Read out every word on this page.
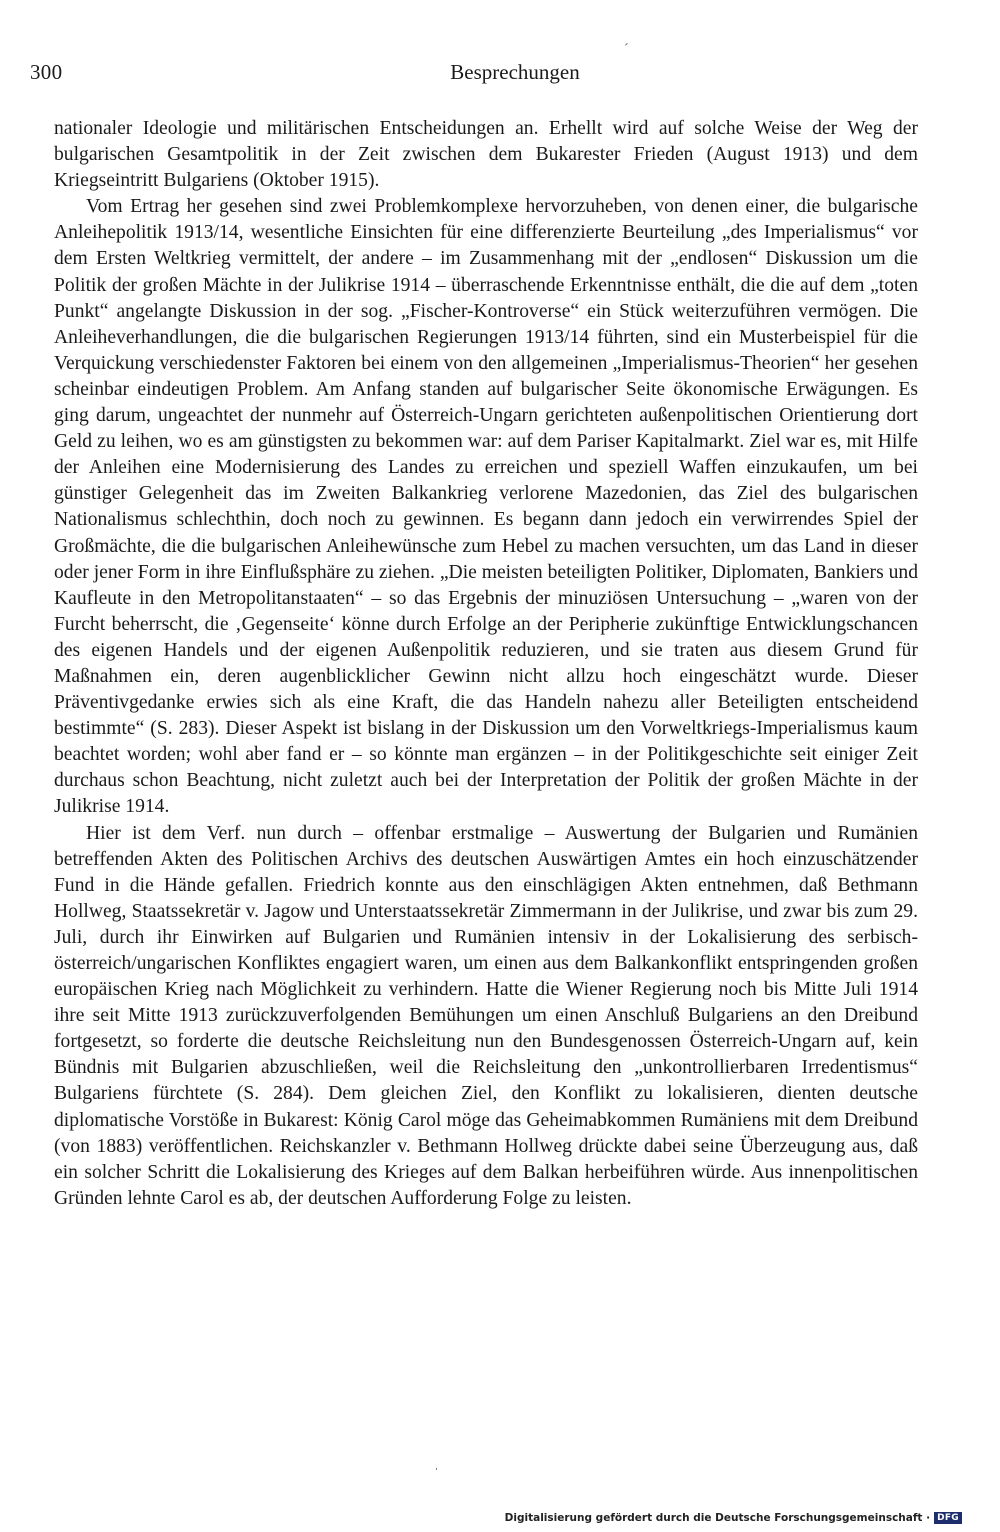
300	Besprechungen
ˊ

nationaler Ideologie und militärischen Entscheidungen an. Erhellt wird auf solche Weise der Weg der bulgarischen Gesamtpolitik in der Zeit zwischen dem Bukarester Frieden (August 1913) und dem Kriegseintritt Bulgariens (Oktober 1915).

Vom Ertrag her gesehen sind zwei Problemkomplexe hervorzuheben, von denen einer, die bulgarische Anleihepolitik 1913/14, wesentliche Einsichten für eine differenzierte Beurteilung „des Imperialismus“ vor dem Ersten Weltkrieg vermittelt, der andere – im Zusammenhang mit der „endlosen“ Diskussion um die Politik der großen Mächte in der Julikrise 1914 – überraschende Erkenntnisse enthält, die die auf dem „toten Punkt“ angelangte Diskussion in der sog. „Fischer-Kontroverse“ ein Stück weiterzuführen vermögen. Die Anleiheverhandlungen, die die bulgarischen Regierungen 1913/14 führten, sind ein Musterbeispiel für die Verquickung verschiedenster Faktoren bei einem von den allgemeinen „Imperialismus-Theorien“ her gesehen scheinbar eindeutigen Problem. Am Anfang standen auf bulgarischer Seite ökonomische Erwägungen. Es ging darum, ungeachtet der nunmehr auf Österreich-Ungarn gerichteten außenpolitischen Orientierung dort Geld zu leihen, wo es am günstigsten zu bekommen war: auf dem Pariser Kapitalmarkt. Ziel war es, mit Hilfe der Anleihen eine Modernisierung des Landes zu erreichen und speziell Waffen einzukaufen, um bei günstiger Gelegenheit das im Zweiten Balkankrieg verlorene Mazedonien, das Ziel des bulgarischen Nationalismus schlechthin, doch noch zu gewinnen. Es begann dann jedoch ein verwirrendes Spiel der Großmächte, die die bulgarischen Anleihewünsche zum Hebel zu machen versuchten, um das Land in dieser oder jener Form in ihre Einflußsphäre zu ziehen. „Die meisten beteiligten Politiker, Diplomaten, Bankiers und Kaufleute in den Metropolitanstaaten“ – so das Ergebnis der minuziösen Untersuchung – „waren von der Furcht beherrscht, die ‚Gegenseite‘ könne durch Erfolge an der Peripherie zukünftige Entwicklungschancen des eigenen Handels und der eigenen Außenpolitik reduzieren, und sie traten aus diesem Grund für Maßnahmen ein, deren augenblicklicher Gewinn nicht allzu hoch eingeschätzt wurde. Dieser Präventivgedanke erwies sich als eine Kraft, die das Handeln nahezu aller Beteiligten entscheidend bestimmte“ (S. 283). Dieser Aspekt ist bislang in der Diskussion um den Vorweltkriegs-Imperialismus kaum beachtet worden; wohl aber fand er – so könnte man ergänzen – in der Politikgeschichte seit einiger Zeit durchaus schon Beachtung, nicht zuletzt auch bei der Interpretation der Politik der großen Mächte in der Julikrise 1914.

Hier ist dem Verf. nun durch – offenbar erstmalige – Auswertung der Bulgarien und Rumänien betreffenden Akten des Politischen Archivs des deutschen Auswärtigen Amtes ein hoch einzuschätzender Fund in die Hände gefallen. Friedrich konnte aus den einschlägigen Akten entnehmen, daß Bethmann Hollweg, Staatssekretär v. Jagow und Unterstaatssekretär Zimmermann in der Julikrise, und zwar bis zum 29. Juli, durch ihr Einwirken auf Bulgarien und Rumänien intensiv in der Lokalisierung des serbisch-österreich/ungarischen Konfliktes engagiert waren, um einen aus dem Balkankonflikt entspringenden großen europäischen Krieg nach Möglichkeit zu verhindern. Hatte die Wiener Regierung noch bis Mitte Juli 1914 ihre seit Mitte 1913 zurückzuverfolgenden Bemühungen um einen Anschluß Bulgariens an den Dreibund fortgesetzt, so forderte die deutsche Reichsleitung nun den Bundesgenossen Österreich-Ungarn auf, kein Bündnis mit Bulgarien abzuschließen, weil die Reichsleitung den „unkontrollierbaren Irredentismus“ Bulgariens fürchtete (S. 284). Dem gleichen Ziel, den Konflikt zu lokalisieren, dienten deutsche diplomatische Vorstöße in Bukarest: König Carol möge das Geheimabkommen Rumäniens mit dem Dreibund (von 1883) veröffentlichen. Reichskanzler v. Bethmann Hollweg drückte dabei seine Überzeugung aus, daß ein solcher Schritt die Lokalisierung des Krieges auf dem Balkan herbeiführen würde. Aus innenpolitischen Gründen lehnte Carol es ab, der deutschen Aufforderung Folge zu leisten.

ˌ
Digitalisierung gefördert durch die Deutsche Forschungsgemeinschaft · DFG
